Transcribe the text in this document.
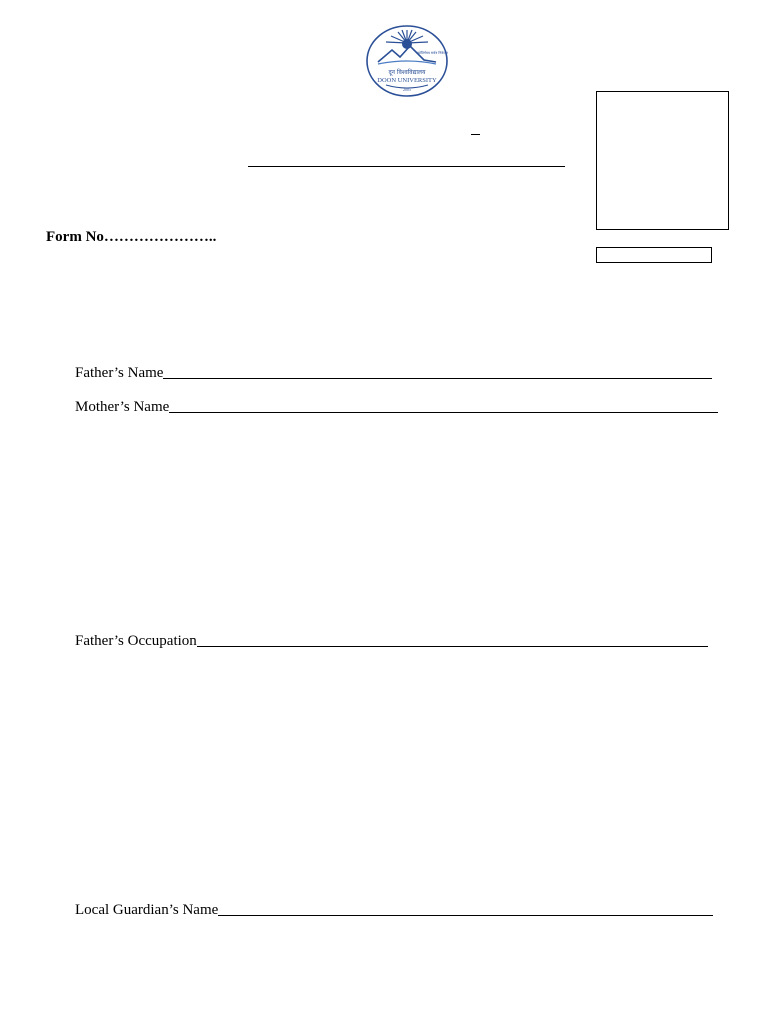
ज्योतिर्गमय सर्वत्र निकेतन
दून विश्वविद्यालय
DOON UNIVERSITY
2005
Form No…………………..
Father’s Name
Mother’s Name
Father’s Occupation
Local Guardian’s Name
